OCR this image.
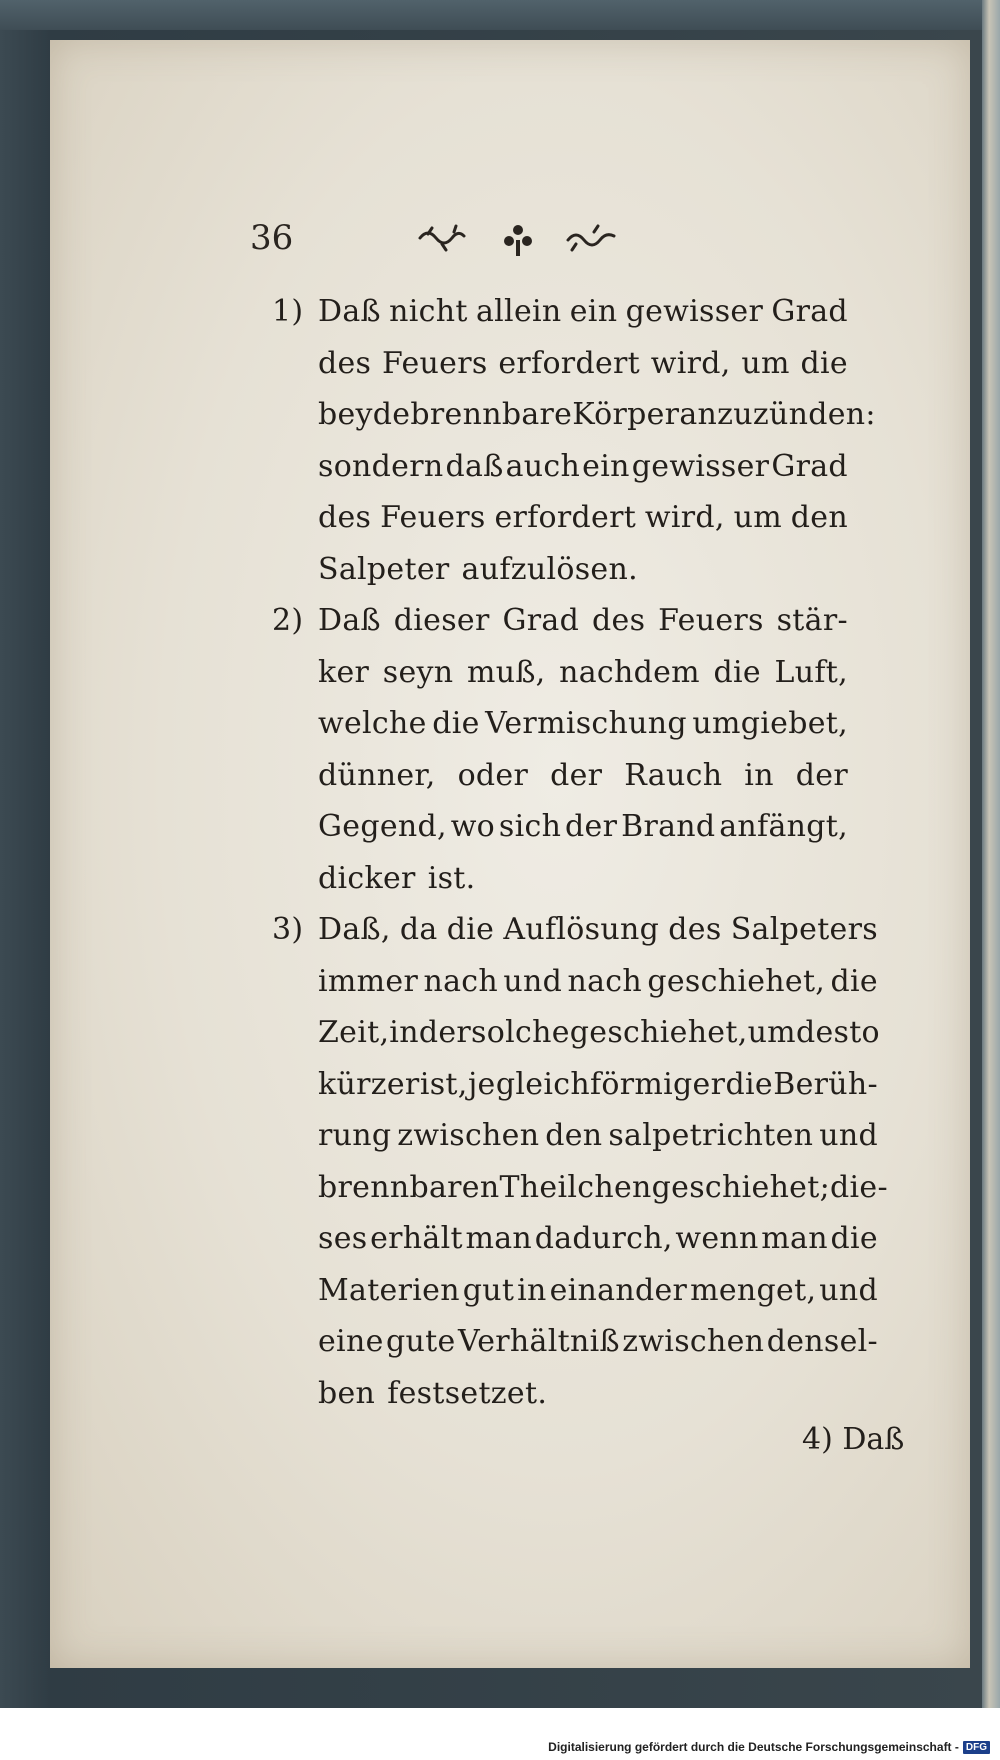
36
1) Daß nicht allein ein gewisser Grad
des Feuers erfordert wird, um die
beyde brennbare Körper anzuzünden:
sondern daß auch ein gewisser Grad
des Feuers erfordert wird, um den
Salpeter aufzulösen.
2) Daß dieser Grad des Feuers stär-
ker seyn muß, nachdem die Luft,
welche die Vermischung umgiebet,
dünner, oder der Rauch in der
Gegend, wo sich der Brand anfängt,
dicker ist.
3) Daß, da die Auflösung des Salpeters
immer nach und nach geschiehet, die
Zeit, in der solche geschiehet, um desto
kürzer ist, je gleichförmiger die Berüh-
rung zwischen den salpetrichten und
brennbaren Theilchen geschiehet; die-
ses erhält man dadurch, wenn man die
Materien gut in einander menget, und
eine gute Verhältniß zwischen densel-
ben festsetzet.
4) Daß
Digitalisierung gefördert durch die Deutsche Forschungsgemeinschaft - DFG
